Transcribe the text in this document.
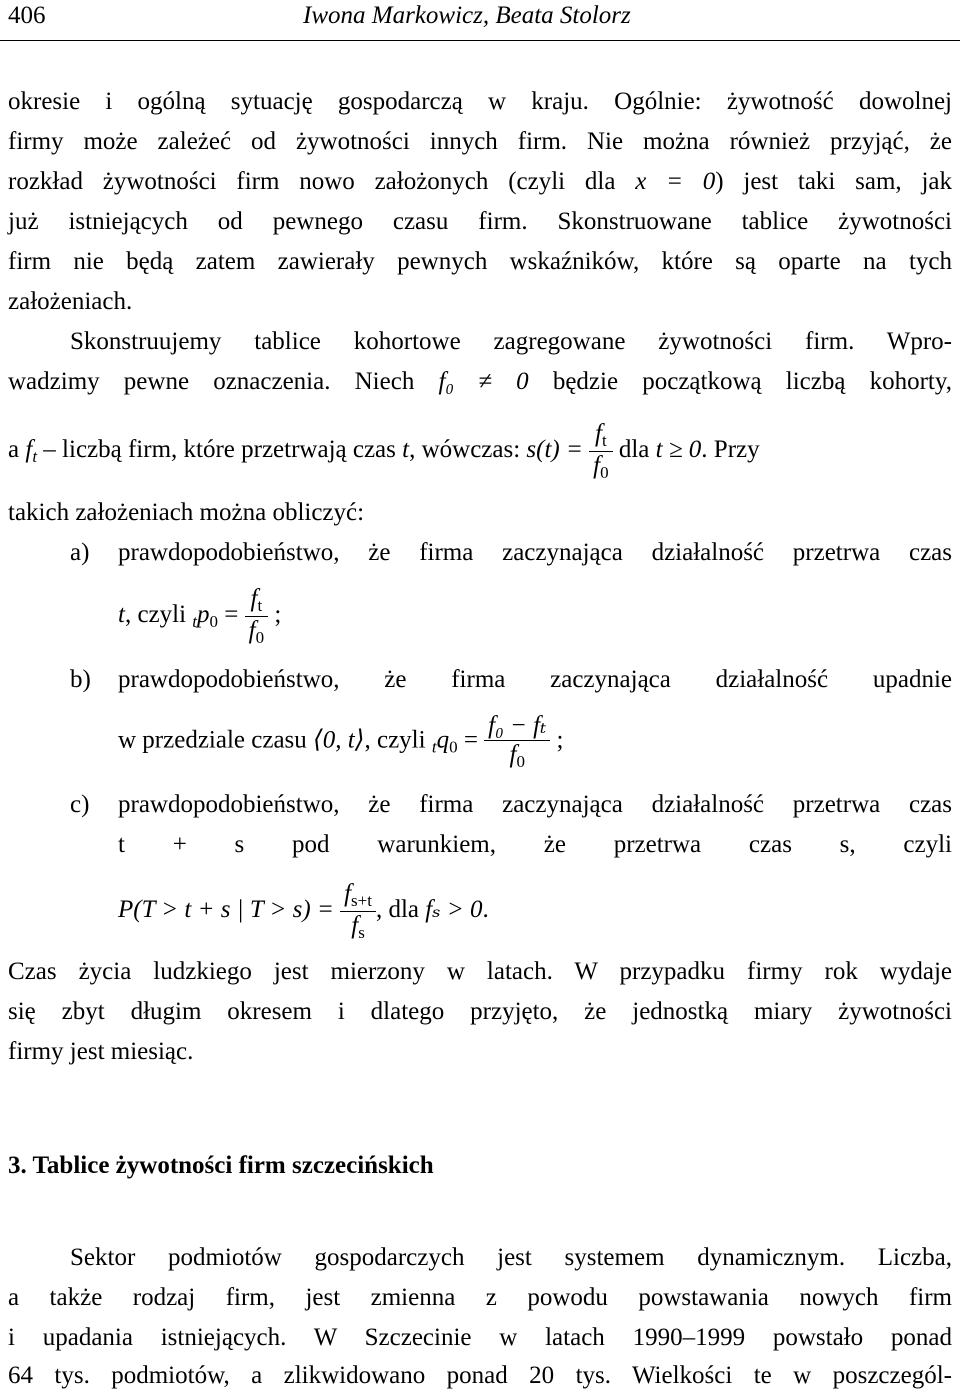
406	Iwona Markowicz, Beata Stolorz
okresie i ogólną sytuację gospodarczą w kraju. Ogólnie: żywotność dowolnej
firmy może zależeć od żywotności innych firm. Nie można również przyjąć, że
rozkład żywotności firm nowo założonych (czyli dla x = 0) jest taki sam, jak
już istniejących od pewnego czasu firm. Skonstruowane tablice żywotności
firm nie będą zatem zawierały pewnych wskaźników, które są oparte na tych
założeniach.
Skonstruujemy tablice kohortowe zagregowane żywotności firm. Wpro-
wadzimy pewne oznaczenia. Niech f₀ ≠ 0 będzie początkową liczbą kohorty,
a $f_t$ – liczbą firm, które przetrwają czas t, wówczas: $s(t) = \frac{f_t}{f_0}$ dla t ≥ 0. Przy
takich założeniach można obliczyć:
a) prawdopodobieństwo, że firma zaczynająca działalność przetrwa czas
t, czyli $_tp_0 = \frac{f_t}{f_0}$ ;
b) prawdopodobieństwo, że firma zaczynająca działalność upadnie
w przedziale czasu ⟨0, t⟩, czyli $_tq_0 = \frac{\text{f₀ − fₜ}}{f_0}$ ;
c) prawdopodobieństwo, że firma zaczynająca działalność przetrwa czas
t + s pod warunkiem, że przetrwa czas s, czyli
P(T > t + s | $T > s) = \frac{f_{s+t}}{f_s}$ , dla fₛ > 0.
Czas życia ludzkiego jest mierzony w latach. W przypadku firmy rok wydaje
się zbyt długim okresem i dlatego przyjęto, że jednostką miary żywotności
firmy jest miesiąc.
3. Tablice żywotności firm szczecińskich
Sektor podmiotów gospodarczych jest systemem dynamicznym. Liczba,
a także rodzaj firm, jest zmienna z powodu powstawania nowych firm
i upadania istniejących. W Szczecinie w latach 1990–1999 powstało ponad
64 tys. podmiotów, a zlikwidowano ponad 20 tys. Wielkości te w poszczegól-
